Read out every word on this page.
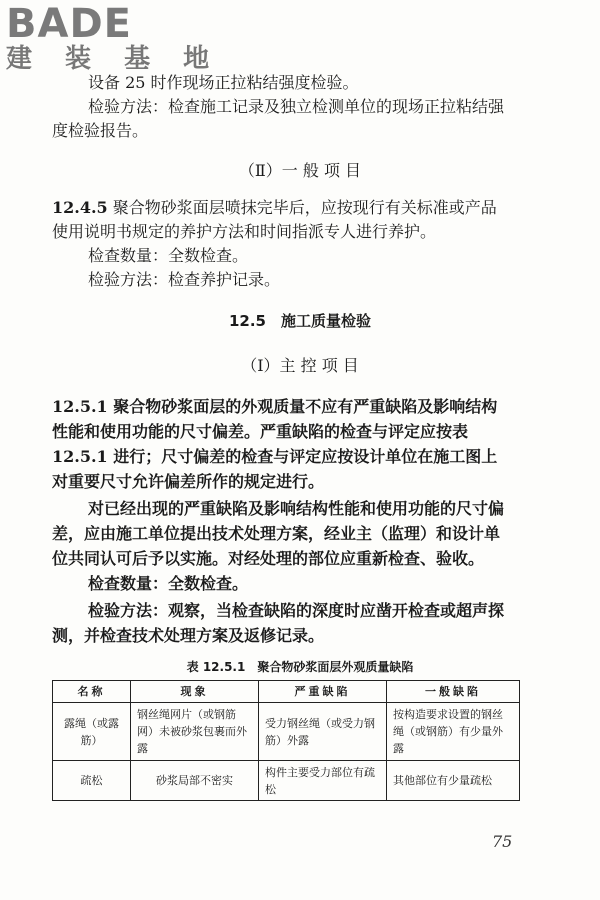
BADE
建 装 基 地
设备 25 时作现场正拉粘结强度检验。
检验方法：检查施工记录及独立检测单位的现场正拉粘结强
度检验报告。
（Ⅱ）一 般 项 目
12.4.5 聚合物砂浆面层喷抹完毕后，应按现行有关标准或产品
使用说明书规定的养护方法和时间指派专人进行养护。
检查数量：全数检查。
检验方法：检查养护记录。
12.5　施工质量检验
（Ⅰ）主 控 项 目
12.5.1 聚合物砂浆面层的外观质量不应有严重缺陷及影响结构
性能和使用功能的尺寸偏差。严重缺陷的检查与评定应按表
12.5.1 进行；尺寸偏差的检查与评定应按设计单位在施工图上
对重要尺寸允许偏差所作的规定进行。
对已经出现的严重缺陷及影响结构性能和使用功能的尺寸偏
差，应由施工单位提出技术处理方案，经业主（监理）和设计单
位共同认可后予以实施。对经处理的部位应重新检查、验收。
检查数量：全数检查。
检验方法：观察，当检查缺陷的深度时应凿开检查或超声探
测，并检查技术处理方案及返修记录。
表 12.5.1　聚合物砂浆面层外观质量缺陷
名称	现象	严重缺陷	一般缺陷
露绳（或露筋）	钢丝绳网片（或钢筋网）未被砂浆包裹而外露	受力钢丝绳（或受力钢筋）外露	按构造要求设置的钢丝绳（或钢筋）有少量外露
疏松	砂浆局部不密实	构件主要受力部位有疏松	其他部位有少量疏松
75
